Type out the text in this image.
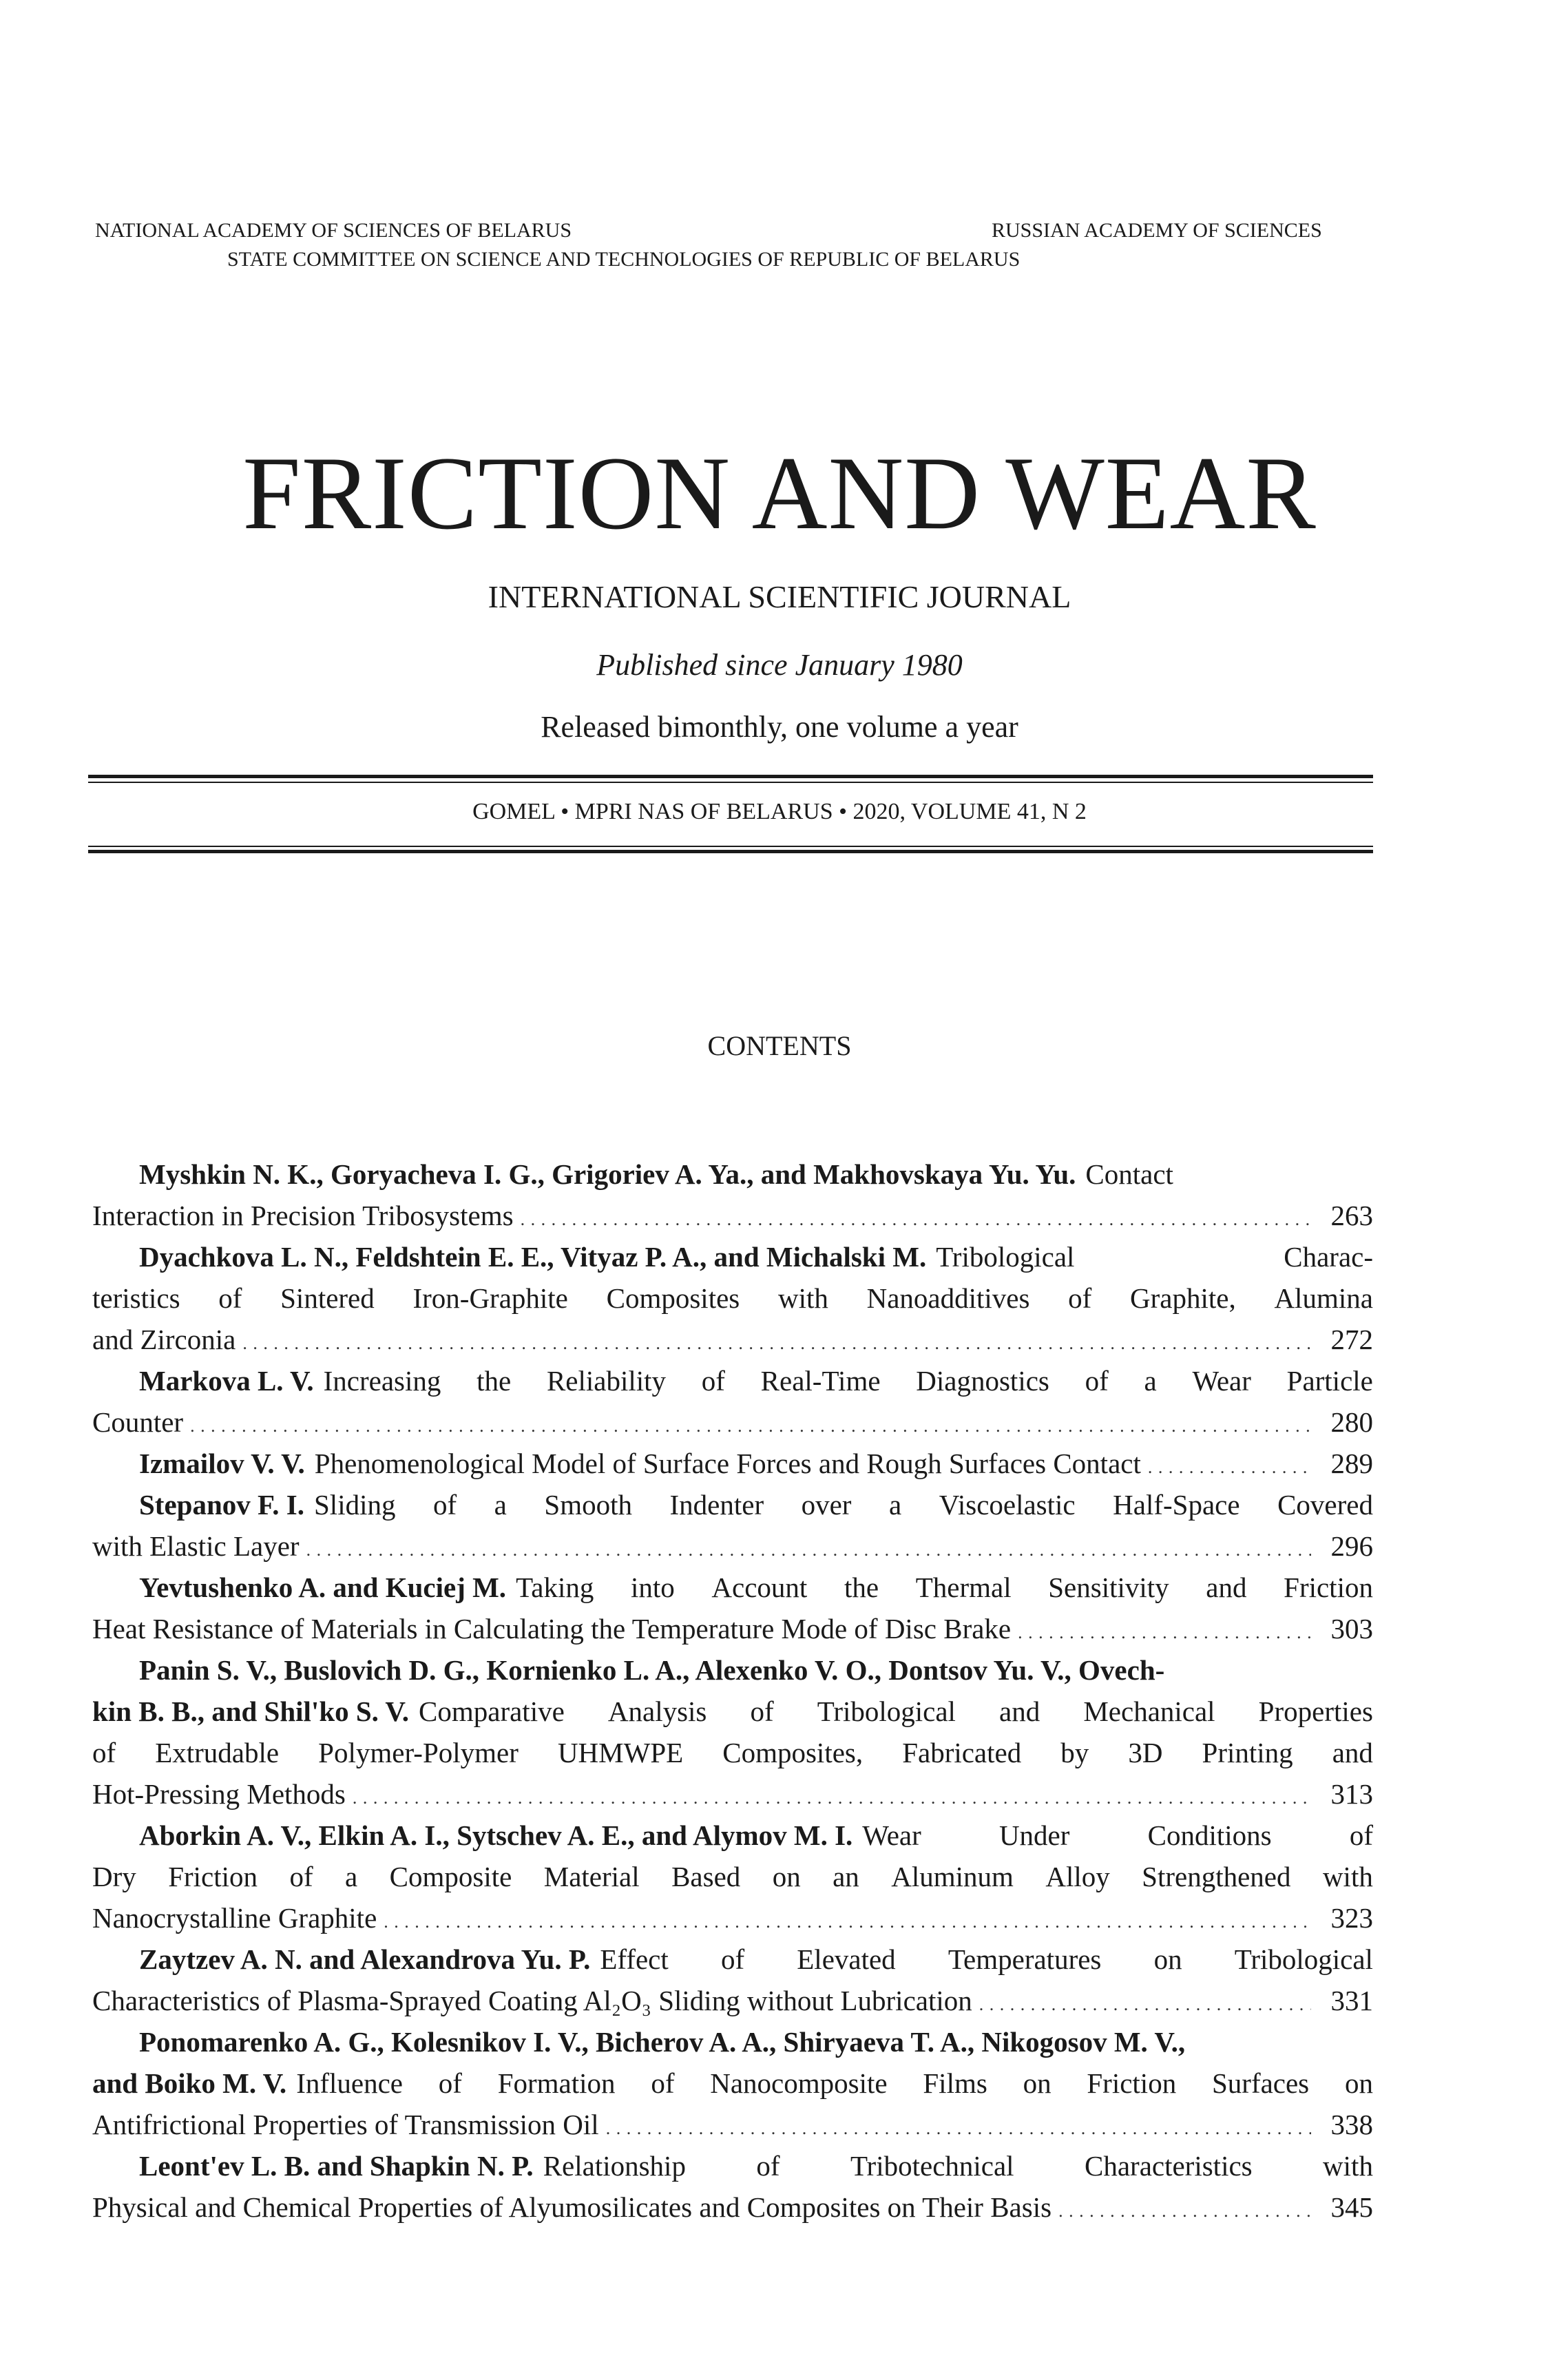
NATIONAL ACADEMY OF SCIENCES OF BELARUS	RUSSIAN ACADEMY OF SCIENCES
STATE COMMITTEE ON SCIENCE AND TECHNOLOGIES OF REPUBLIC OF BELARUS
FRICTION AND WEAR
INTERNATIONAL SCIENTIFIC JOURNAL
Published since January 1980
Released bimonthly, one volume a year
GOMEL • MPRI NAS OF BELARUS • 2020, VOLUME 41, N 2
CONTENTS
Myshkin N. K., Goryacheva I. G., Grigoriev A. Ya., and Makhovskaya Yu. Yu. Contact
Interaction in Precision Tribosystems . . .	263
Dyachkova L. N., Feldshtein E. E., Vityaz P. A., and Michalski M. Tribological	Charac-
teristics of Sintered Iron-Graphite Composites with Nanoadditives of Graphite, Alumina
and Zirconia . . .	272
Markova L. V. Increasing the Reliability of Real-Time Diagnostics of a Wear Particle
Counter . . .	280
Izmailov V. V. Phenomenological Model of Surface Forces and Rough Surfaces Contact . . .	289
Stepanov F. I. Sliding of a Smooth Indenter over a Viscoelastic Half-Space Covered
with Elastic Layer . . .	296
Yevtushenko A. and Kuciej M. Taking into Account the Thermal Sensitivity and Friction
Heat Resistance of Materials in Calculating the Temperature Mode of Disc Brake . . .	303
Panin S. V., Buslovich D. G., Kornienko L. A., Alexenko V. O., Dontsov Yu. V., Ovech-
kin B. B., and Shil'ko S. V. Comparative Analysis of Tribological and Mechanical Properties
of Extrudable Polymer-Polymer UHMWPE Composites, Fabricated by 3D Printing and
Hot-Pressing Methods . . .	313
Aborkin A. V., Elkin A. I., Sytschev A. E., and Alymov M. I. Wear	Under	Conditions	of
Dry Friction of a Composite Material Based on an Aluminum Alloy Strengthened with
Nanocrystalline Graphite . . .	323
Zaytzev A. N. and Alexandrova Yu. P. Effect of Elevated Temperatures on Tribological
Characteristics of Plasma-Sprayed Coating Al₂O₃ Sliding without Lubrication . . .	331
Ponomarenko A. G., Kolesnikov I. V., Bicherov A. A., Shiryaeva T. A., Nikogosov M. V.,
and Boiko M. V. Influence of Formation of Nanocomposite Films on Friction Surfaces on
Antifrictional Properties of Transmission Oil . . .	338
Leont'ev L. B. and Shapkin N. P. Relationship of Tribotechnical Characteristics with
Physical and Chemical Properties of Alyumosilicates and Composites on Their Basis . . .	345
